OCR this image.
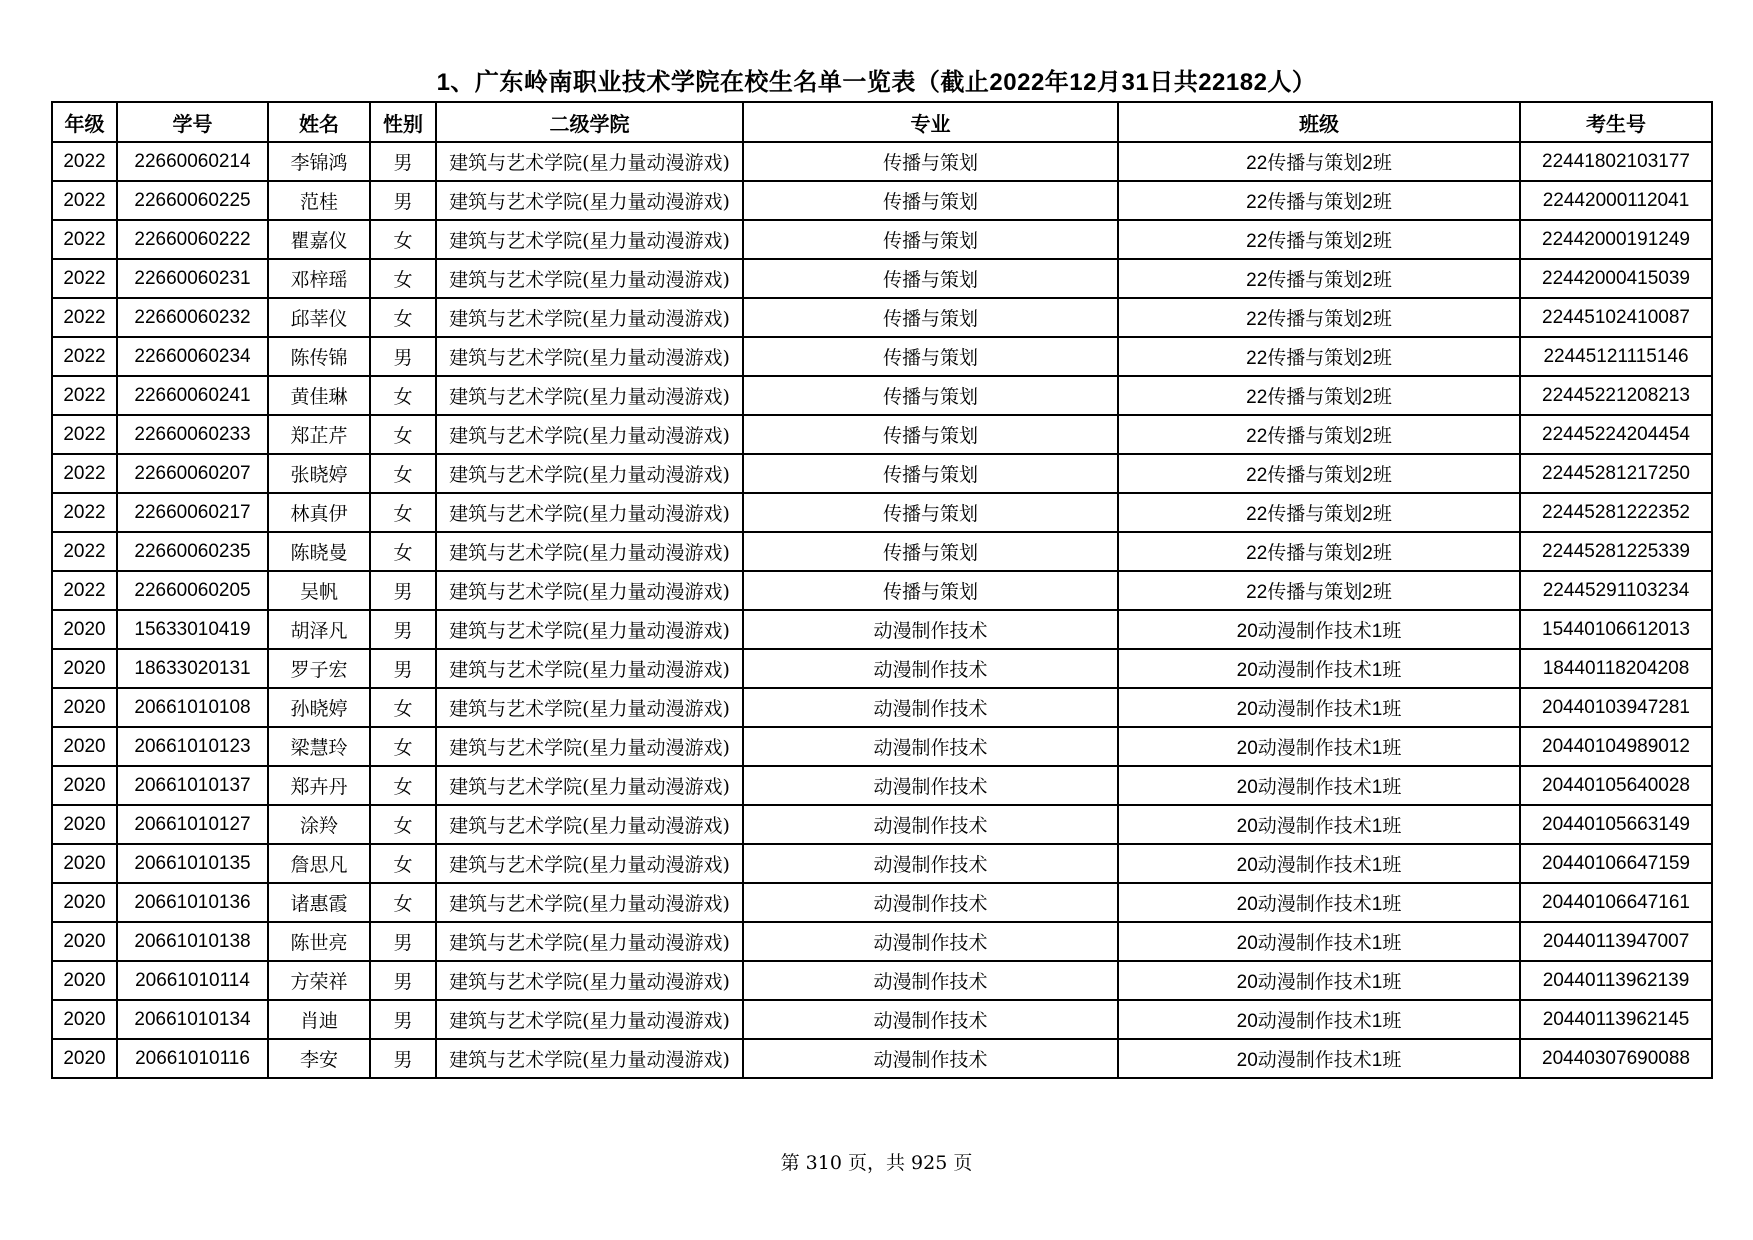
1、广东岭南职业技术学院在校生名单一览表（截止2022年12月31日共22182人）
年级	学号	姓名	性别	二级学院	专业	班级	考生号
2022	22660060214	李锦鸿	男	建筑与艺术学院(星力量动漫游戏)	传播与策划	22传播与策划2班	22441802103177
2022	22660060225	范桂	男	建筑与艺术学院(星力量动漫游戏)	传播与策划	22传播与策划2班	22442000112041
2022	22660060222	瞿嘉仪	女	建筑与艺术学院(星力量动漫游戏)	传播与策划	22传播与策划2班	22442000191249
2022	22660060231	邓梓瑶	女	建筑与艺术学院(星力量动漫游戏)	传播与策划	22传播与策划2班	22442000415039
2022	22660060232	邱莘仪	女	建筑与艺术学院(星力量动漫游戏)	传播与策划	22传播与策划2班	22445102410087
2022	22660060234	陈传锦	男	建筑与艺术学院(星力量动漫游戏)	传播与策划	22传播与策划2班	22445121115146
2022	22660060241	黄佳琳	女	建筑与艺术学院(星力量动漫游戏)	传播与策划	22传播与策划2班	22445221208213
2022	22660060233	郑芷芹	女	建筑与艺术学院(星力量动漫游戏)	传播与策划	22传播与策划2班	22445224204454
2022	22660060207	张晓婷	女	建筑与艺术学院(星力量动漫游戏)	传播与策划	22传播与策划2班	22445281217250
2022	22660060217	林真伊	女	建筑与艺术学院(星力量动漫游戏)	传播与策划	22传播与策划2班	22445281222352
2022	22660060235	陈晓曼	女	建筑与艺术学院(星力量动漫游戏)	传播与策划	22传播与策划2班	22445281225339
2022	22660060205	吴帆	男	建筑与艺术学院(星力量动漫游戏)	传播与策划	22传播与策划2班	22445291103234
2020	15633010419	胡泽凡	男	建筑与艺术学院(星力量动漫游戏)	动漫制作技术	20动漫制作技术1班	15440106612013
2020	18633020131	罗子宏	男	建筑与艺术学院(星力量动漫游戏)	动漫制作技术	20动漫制作技术1班	18440118204208
2020	20661010108	孙晓婷	女	建筑与艺术学院(星力量动漫游戏)	动漫制作技术	20动漫制作技术1班	20440103947281
2020	20661010123	梁慧玲	女	建筑与艺术学院(星力量动漫游戏)	动漫制作技术	20动漫制作技术1班	20440104989012
2020	20661010137	郑卉丹	女	建筑与艺术学院(星力量动漫游戏)	动漫制作技术	20动漫制作技术1班	20440105640028
2020	20661010127	涂羚	女	建筑与艺术学院(星力量动漫游戏)	动漫制作技术	20动漫制作技术1班	20440105663149
2020	20661010135	詹思凡	女	建筑与艺术学院(星力量动漫游戏)	动漫制作技术	20动漫制作技术1班	20440106647159
2020	20661010136	诸惠霞	女	建筑与艺术学院(星力量动漫游戏)	动漫制作技术	20动漫制作技术1班	20440106647161
2020	20661010138	陈世亮	男	建筑与艺术学院(星力量动漫游戏)	动漫制作技术	20动漫制作技术1班	20440113947007
2020	20661010114	方荣祥	男	建筑与艺术学院(星力量动漫游戏)	动漫制作技术	20动漫制作技术1班	20440113962139
2020	20661010134	肖迪	男	建筑与艺术学院(星力量动漫游戏)	动漫制作技术	20动漫制作技术1班	20440113962145
2020	20661010116	李安	男	建筑与艺术学院(星力量动漫游戏)	动漫制作技术	20动漫制作技术1班	20440307690088
第 310 页，共 925 页
